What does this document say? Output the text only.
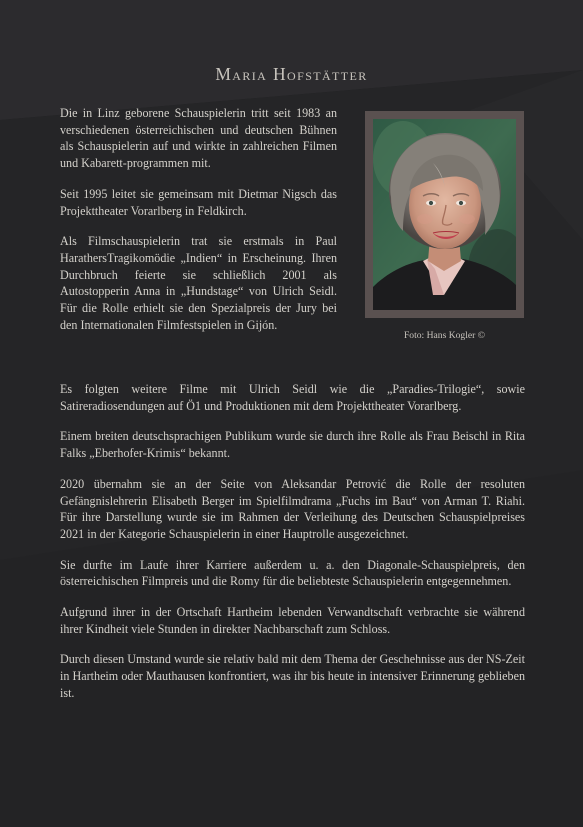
Maria Hofstätter

Die in Linz geborene Schauspielerin tritt seit 1983 an verschiedenen österreichischen und deutschen Bühnen als Schauspielerin auf und wirkte in zahlreichen Filmen und Kabarett-programmen mit.

Seit 1995 leitet sie gemeinsam mit Dietmar Nigsch das Projekttheater Vorarlberg in Feldkirch.

Als Filmschauspielerin trat sie erstmals in Paul HarathersTragikomödie „Indien“ in Erscheinung. Ihren Durchbruch feierte sie schließlich 2001 als Autostopperin Anna in „Hundstage“ von Ulrich Seidl. Für die Rolle erhielt sie den Spezialpreis der Jury bei den Internationalen Filmfestspielen in Gijón.

Foto: Hans Kogler ©

Es folgten weitere Filme mit Ulrich Seidl wie die „Paradies-Trilogie“, sowie Satireradiosendungen auf Ö1 und Produktionen mit dem Projekttheater Vorarlberg.

Einem breiten deutschsprachigen Publikum wurde sie durch ihre Rolle als Frau Beischl in Rita Falks „Eberhofer-Krimis“ bekannt.

2020 übernahm sie an der Seite von Aleksandar Petrović die Rolle der resoluten Gefängnislehrerin Elisabeth Berger im Spielfilmdrama „Fuchs im Bau“ von Arman T. Riahi. Für ihre Darstellung wurde sie im Rahmen der Verleihung des Deutschen Schauspielpreises 2021 in der Kategorie Schauspielerin in einer Hauptrolle ausgezeichnet.

Sie durfte im Laufe ihrer Karriere außerdem u. a. den Diagonale-Schauspielpreis, den österreichischen Filmpreis und die Romy für die beliebteste Schauspielerin entgegennehmen.

Aufgrund ihrer in der Ortschaft Hartheim lebenden Verwandtschaft verbrachte sie während ihrer Kindheit viele Stunden in direkter Nachbarschaft zum Schloss.

Durch diesen Umstand wurde sie relativ bald mit dem Thema der Geschehnisse aus der NS-Zeit in Hartheim oder Mauthausen konfrontiert, was ihr bis heute in intensiver Erinnerung geblieben ist.
